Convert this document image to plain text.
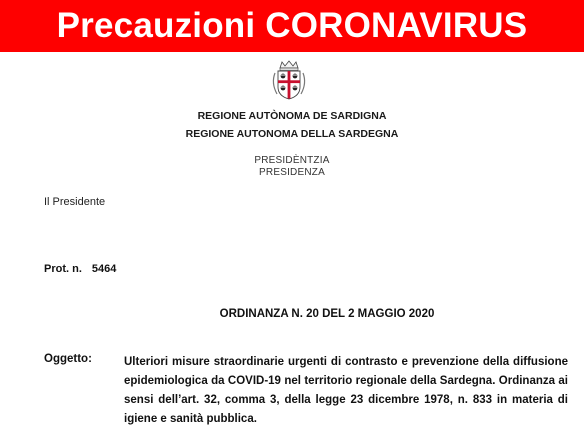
Precauzioni CORONAVIRUS
REGIONE AUTÒNOMA DE SARDIGNA
REGIONE AUTONOMA DELLA SARDEGNA
PRESIDÈNTZIA
PRESIDENZA
Il Presidente
Prot. n. 5464
ORDINANZA N. 20 DEL 2 MAGGIO 2020
Oggetto:	Ulteriori misure straordinarie urgenti di contrasto e prevenzione della diffusione epidemiologica da COVID-19 nel territorio regionale della Sardegna. Ordinanza ai sensi dell’art. 32, comma 3, della legge 23 dicembre 1978, n. 833 in materia di igiene e sanità pubblica.
